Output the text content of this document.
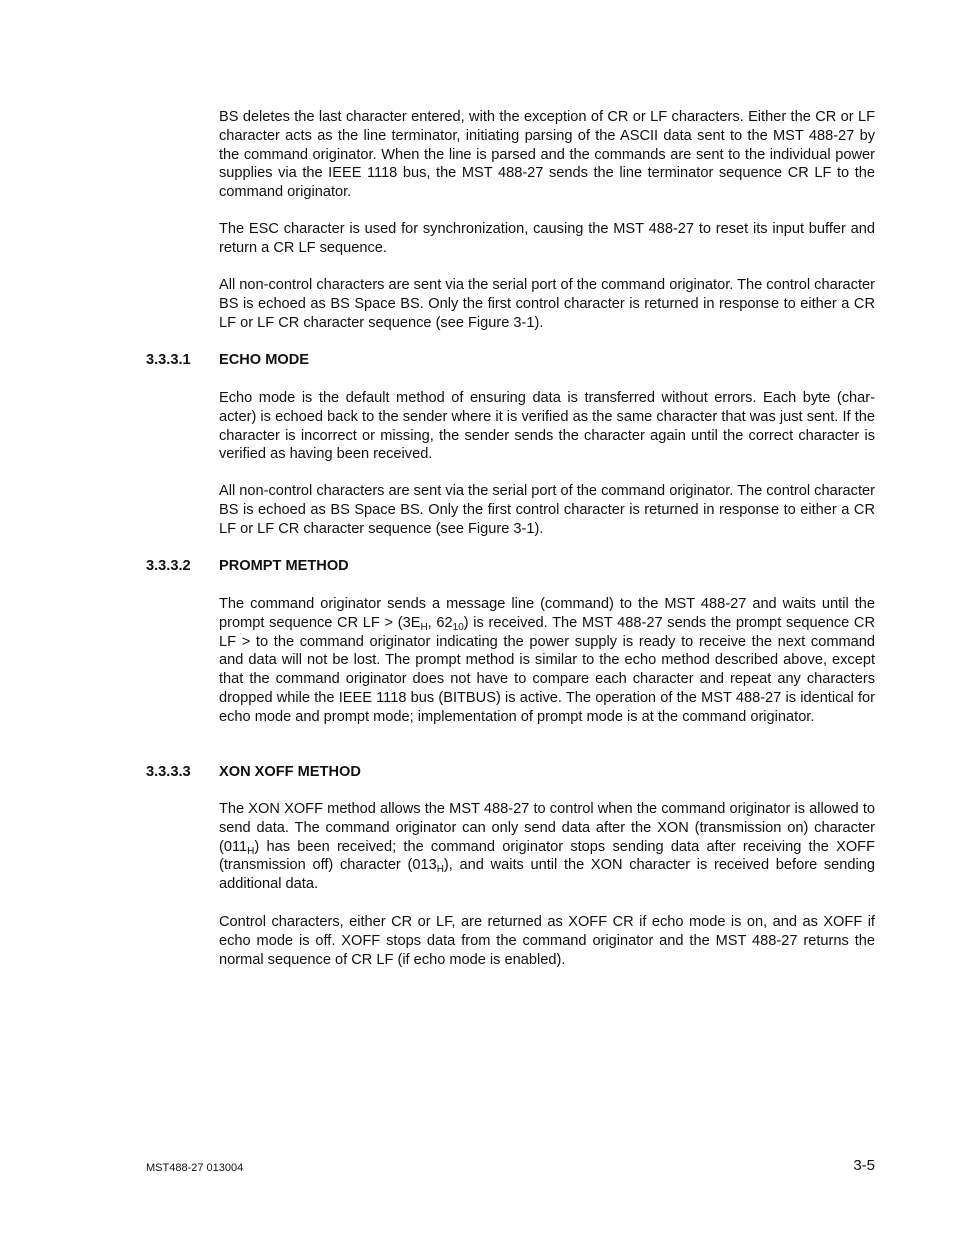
BS deletes the last character entered, with the exception of CR or LF characters. Either the CR or LF character acts as the line terminator, initiating parsing of the ASCII data sent to the MST 488-27 by the command originator. When the line is parsed and the commands are sent to the individual power supplies via the IEEE 1118 bus, the MST 488-27 sends the line terminator sequence CR LF to the command originator.

The ESC character is used for synchronization, causing the MST 488-27 to reset its input buffer and return a CR LF sequence.

All non-control characters are sent via the serial port of the command originator. The control character BS is echoed as BS Space BS. Only the first control character is returned in response to either a CR LF or LF CR character sequence (see Figure 3-1).

3.3.3.1 ECHO MODE

Echo mode is the default method of ensuring data is transferred without errors. Each byte (char-acter) is echoed back to the sender where it is verified as the same character that was just sent. If the character is incorrect or missing, the sender sends the character again until the correct character is verified as having been received.

All non-control characters are sent via the serial port of the command originator. The control character BS is echoed as BS Space BS. Only the first control character is returned in response to either a CR LF or LF CR character sequence (see Figure 3-1).

3.3.3.2 PROMPT METHOD

The command originator sends a message line (command) to the MST 488-27 and waits until the prompt sequence CR LF > ($3E_H$, $62_{10}$) is received. The MST 488-27 sends the prompt sequence CR LF > to the command originator indicating the power supply is ready to receive the next command and data will not be lost. The prompt method is similar to the echo method described above, except that the command originator does not have to compare each character and repeat any characters dropped while the IEEE 1118 bus (BITBUS) is active. The operation of the MST 488-27 is identical for echo mode and prompt mode; implementation of prompt mode is at the command originator.

3.3.3.3 XON XOFF METHOD

The XON XOFF method allows the MST 488-27 to control when the command originator is allowed to send data. The command originator can only send data after the XON (transmission on) character $(011_H)$ has been received; the command originator stops sending data after receiving the XOFF (transmission off) character $(013_H)$, and waits until the XON character is received before sending additional data.

Control characters, either CR or LF, are returned as XOFF CR if echo mode is on, and as XOFF if echo mode is off. XOFF stops data from the command originator and the MST 488-27 returns the normal sequence of CR LF (if echo mode is enabled).

MST488-27 013004	3-5
